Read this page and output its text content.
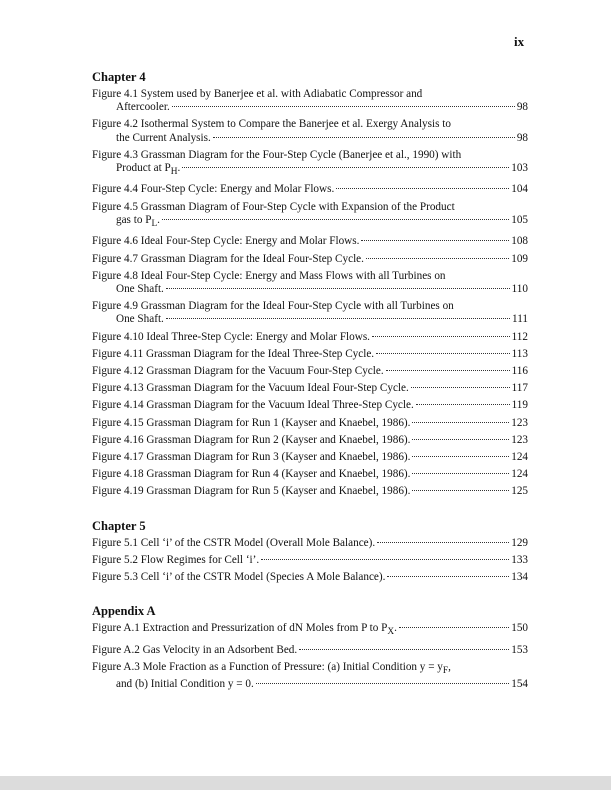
ix
Chapter 4
Figure 4.1 System used by Banerjee et al. with Adiabatic Compressor and
Aftercooler.	98
Figure 4.2 Isothermal System to Compare the Banerjee et al. Exergy Analysis to
the Current Analysis.	98
Figure 4.3 Grassman Diagram for the Four-Step Cycle (Banerjee et al., 1990) with
Product at $P_H$.	103
Figure 4.4 Four-Step Cycle: Energy and Molar Flows.	104
Figure 4.5 Grassman Diagram of Four-Step Cycle with Expansion of the Product
gas to $P_L$.	105
Figure 4.6 Ideal Four-Step Cycle: Energy and Molar Flows.	108
Figure 4.7 Grassman Diagram for the Ideal Four-Step Cycle.	109
Figure 4.8 Ideal Four-Step Cycle: Energy and Mass Flows with all Turbines on
One Shaft.	110
Figure 4.9 Grassman Diagram for the Ideal Four-Step Cycle with all Turbines on
One Shaft.	111
Figure 4.10 Ideal Three-Step Cycle: Energy and Molar Flows.	112
Figure 4.11 Grassman Diagram for the Ideal Three-Step Cycle.	113
Figure 4.12 Grassman Diagram for the Vacuum Four-Step Cycle.	116
Figure 4.13 Grassman Diagram for the Vacuum Ideal Four-Step Cycle.	117
Figure 4.14 Grassman Diagram for the Vacuum Ideal Three-Step Cycle.	119
Figure 4.15 Grassman Diagram for Run 1 (Kayser and Knaebel, 1986).	123
Figure 4.16 Grassman Diagram for Run 2 (Kayser and Knaebel, 1986).	123
Figure 4.17 Grassman Diagram for Run 3 (Kayser and Knaebel, 1986).	124
Figure 4.18 Grassman Diagram for Run 4 (Kayser and Knaebel, 1986).	124
Figure 4.19 Grassman Diagram for Run 5 (Kayser and Knaebel, 1986).	125
Chapter 5
Figure 5.1 Cell ‘i’ of the CSTR Model (Overall Mole Balance).	129
Figure 5.2 Flow Regimes for Cell ‘i’.	133
Figure 5.3 Cell ‘i’ of the CSTR Model (Species A Mole Balance).	134
Appendix A
Figure A.1 Extraction and Pressurization of dN Moles from P to $P_X$.	150
Figure A.2 Gas Velocity in an Adsorbent Bed.	153
Figure A.3 Mole Fraction as a Function of Pressure: (a) Initial Condition $y = y_F$,
and (b) Initial Condition y = 0.	154
